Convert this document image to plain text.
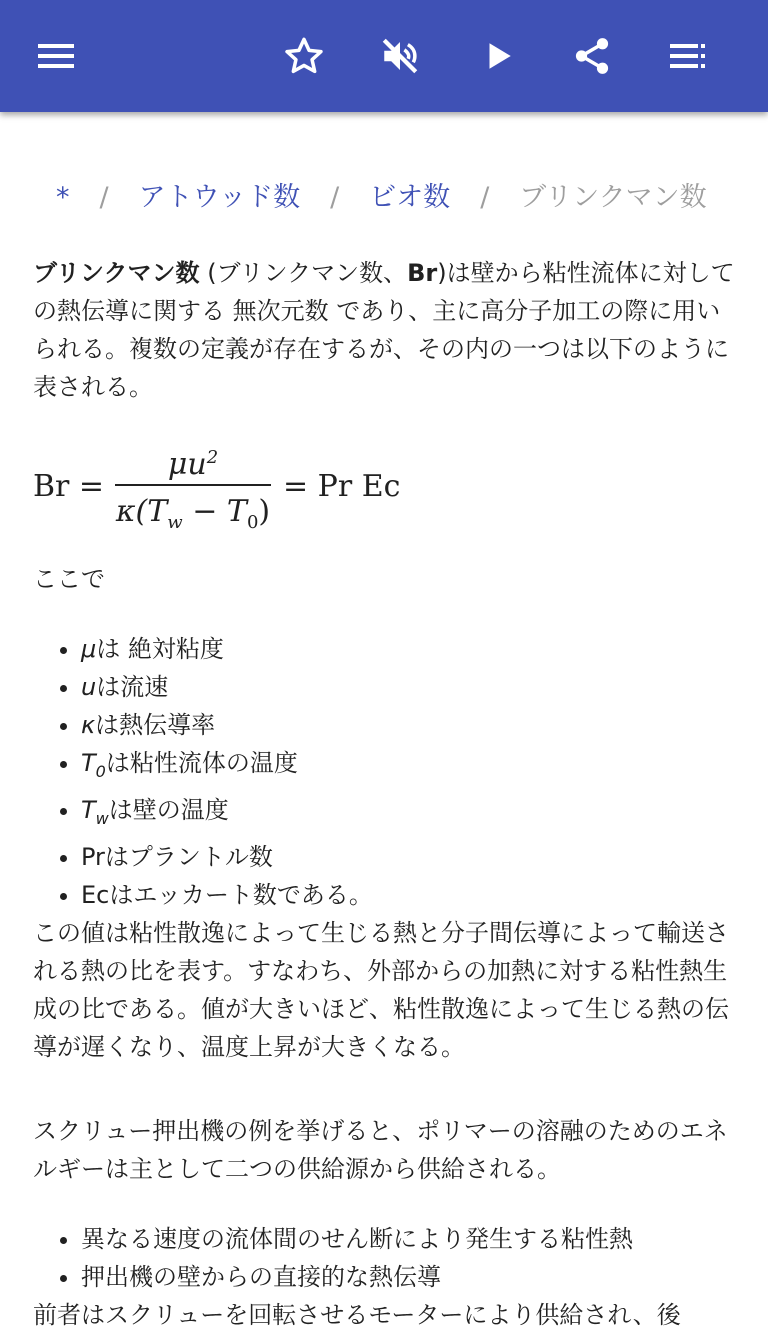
* / アトウッド数 / ビオ数 / ブリンクマン数

ブリンクマン数 (ブリンクマン数、Br)は壁から粘性流体に対しての熱伝導に関する 無次元数 であり、主に高分子加工の際に用いられる。複数の定義が存在するが、その内の一つは以下のように表される。

Br =
$\mu u^2$
$\kappa(T_w - T_0)$
= Pr Ec

ここで

• μは 絶対粘度
• uは流速
• κは熱伝導率
• $T_0$は粘性流体の温度
• $T_w$は壁の温度
• Prはプラントル数
• Ecはエッカート数である。

この値は粘性散逸によって生じる熱と分子間伝導によって輸送される熱の比を表す。すなわち、外部からの加熱に対する粘性熱生成の比である。値が大きいほど、粘性散逸によって生じる熱の伝導が遅くなり、温度上昇が大きくなる。

スクリュー押出機の例を挙げると、ポリマーの溶融のためのエネルギーは主として二つの供給源から供給される。

• 異なる速度の流体間のせん断により発生する粘性熱
• 押出機の壁からの直接的な熱伝導

前者はスクリューを回転させるモーターにより供給され、後
